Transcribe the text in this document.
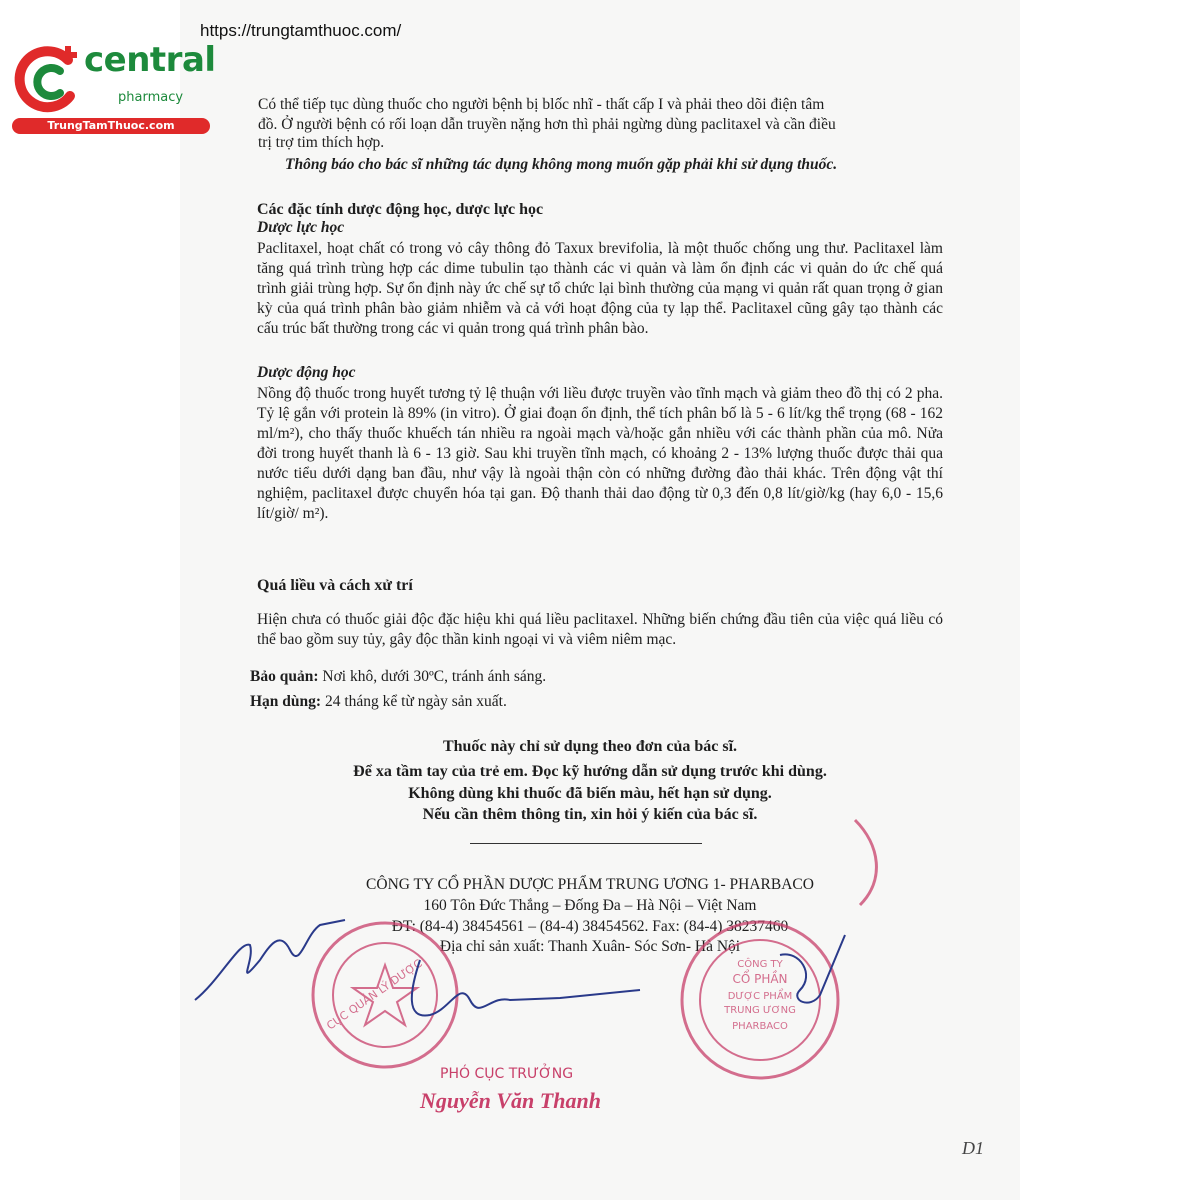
central
pharmacy
TrungTamThuoc.com
https://trungtamthuoc.com/
Có thể tiếp tục dùng thuốc cho người bệnh bị blốc nhĩ - thất cấp I và phải theo dõi điện tâm
đồ. Ở người bệnh có rối loạn dẫn truyền nặng hơn thì phải ngừng dùng paclitaxel và cần điều
trị trợ tim thích hợp.
Thông báo cho bác sĩ những tác dụng không mong muốn gặp phải khi sử dụng thuốc.
Các đặc tính dược động học, dược lực học
Dược lực học

Paclitaxel, hoạt chất có trong vỏ cây thông đỏ Taxux brevifolia, là một thuốc chống ung thư. Paclitaxel làm tăng quá trình trùng hợp các dime tubulin tạo thành các vi quản và làm ổn định các vi quản do ức chế quá trình giải trùng hợp. Sự ổn định này ức chế sự tổ chức lại bình thường của mạng vi quản rất quan trọng ở gian kỳ của quá trình phân bào giảm nhiễm và cả với hoạt động của ty lạp thể. Paclitaxel cũng gây tạo thành các cấu trúc bất thường trong các vi quản trong quá trình phân bào.

Dược động học

Nồng độ thuốc trong huyết tương tỷ lệ thuận với liều được truyền vào tĩnh mạch và giảm theo đồ thị có 2 pha. Tỷ lệ gắn với protein là 89% (in vitro). Ở giai đoạn ổn định, thể tích phân bố là 5 - 6 lít/kg thể trọng (68 - 162 ml/m²), cho thấy thuốc khuếch tán nhiều ra ngoài mạch và/hoặc gắn nhiều với các thành phần của mô. Nửa đời trong huyết thanh là 6 - 13 giờ. Sau khi truyền tĩnh mạch, có khoảng 2 - 13% lượng thuốc được thải qua nước tiểu dưới dạng ban đầu, như vậy là ngoài thận còn có những đường đào thải khác. Trên động vật thí nghiệm, paclitaxel được chuyển hóa tại gan. Độ thanh thải dao động từ 0,3 đến 0,8 lít/giờ/kg (hay 6,0 - 15,6 lít/giờ/ m²).

Quá liều và cách xử trí

Hiện chưa có thuốc giải độc đặc hiệu khi quá liều paclitaxel. Những biến chứng đầu tiên của việc quá liều có thể bao gồm suy tủy, gây độc thần kinh ngoại vi và viêm niêm mạc.

Bảo quản: Nơi khô, dưới 30ºC, tránh ánh sáng.
Hạn dùng: 24 tháng kể từ ngày sản xuất.
Thuốc này chỉ sử dụng theo đơn của bác sĩ.
Để xa tầm tay của trẻ em. Đọc kỹ hướng dẫn sử dụng trước khi dùng.
Không dùng khi thuốc đã biến màu, hết hạn sử dụng.
Nếu cần thêm thông tin, xin hỏi ý kiến của bác sĩ.
CÔNG TY CỔ PHẦN DƯỢC PHẨM TRUNG ƯƠNG 1- PHARBACO
160 Tôn Đức Thắng – Đống Đa – Hà Nội – Việt Nam
ĐT: (84-4) 38454561 – (84-4) 38454562. Fax: (84-4) 38237460
Địa chỉ sản xuất: Thanh Xuân- Sóc Sơn- Hà Nội
CỤC QUẢN LÝ DƯỢC	CÔNG TY
CỔ PHẦN
DƯỢC PHẨM
TRUNG ƯƠNG
PHARBACO
PHÓ CỤC TRƯỞNG
Nguyễn Văn Thanh
D1
